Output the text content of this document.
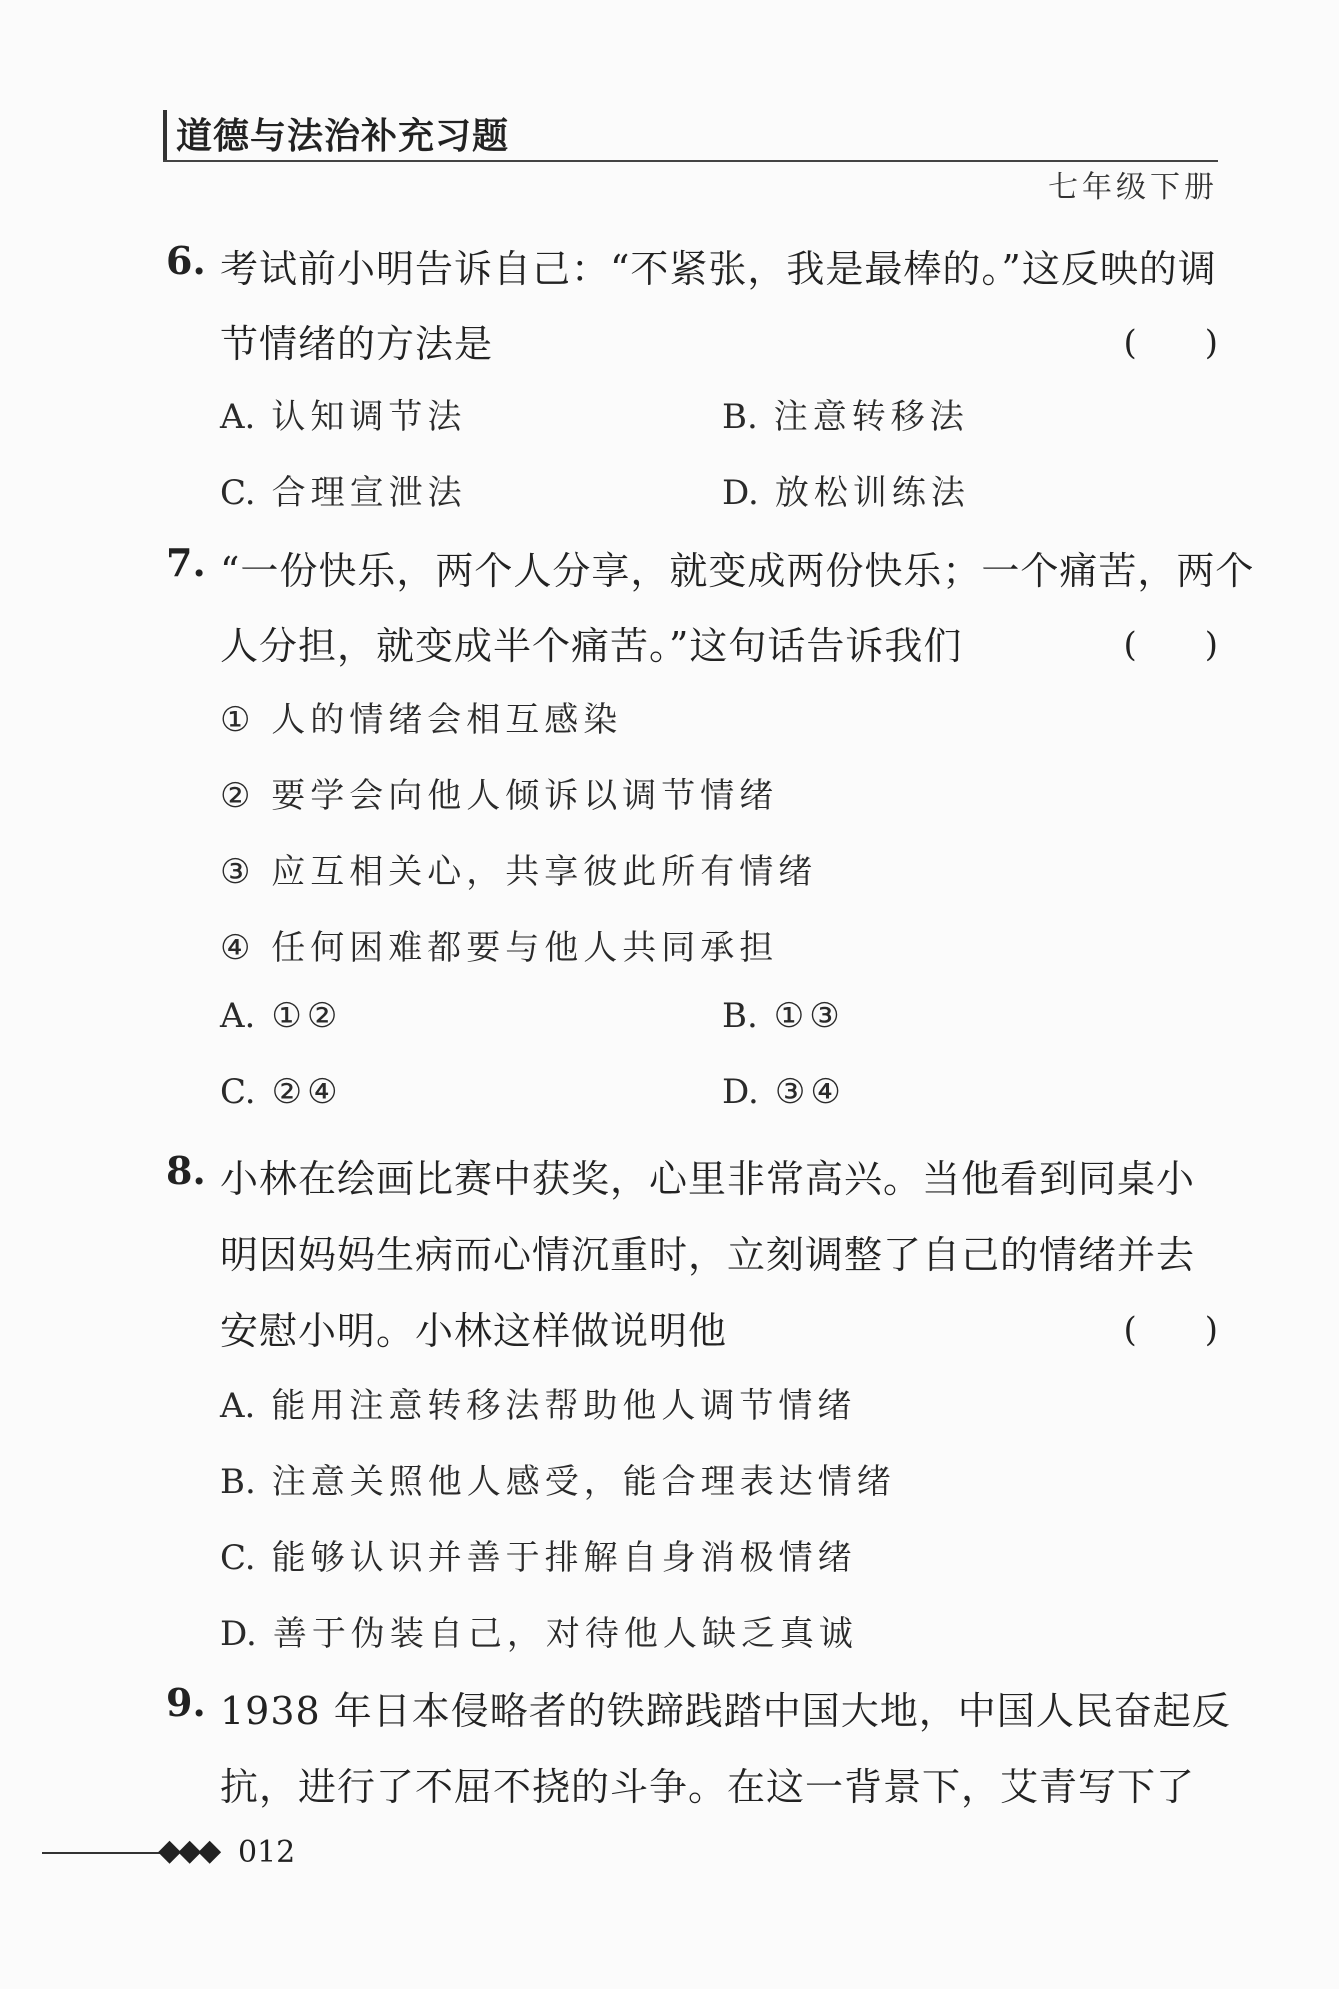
道德与法治补充习题
七年级下册
6. 考试前小明告诉自己：“不紧张，我是最棒的。”这反映的调
节情绪的方法是	(　　)
A. 认知调节法	B. 注意转移法
C. 合理宣泄法	D. 放松训练法
7. “一份快乐，两个人分享，就变成两份快乐；一个痛苦，两个
人分担，就变成半个痛苦。”这句话告诉我们	(　　)
① 人的情绪会相互感染
② 要学会向他人倾诉以调节情绪
③ 应互相关心，共享彼此所有情绪
④ 任何困难都要与他人共同承担
A. ①②	B. ①③
C. ②④	D. ③④
8. 小林在绘画比赛中获奖，心里非常高兴。当他看到同桌小
明因妈妈生病而心情沉重时，立刻调整了自己的情绪并去
安慰小明。小林这样做说明他	(　　)
A. 能用注意转移法帮助他人调节情绪
B. 注意关照他人感受，能合理表达情绪
C. 能够认识并善于排解自身消极情绪
D. 善于伪装自己，对待他人缺乏真诚
9. 1938 年日本侵略者的铁蹄践踏中国大地，中国人民奋起反
抗，进行了不屈不挠的斗争。在这一背景下，艾青写下了
◆◆◆ 012
